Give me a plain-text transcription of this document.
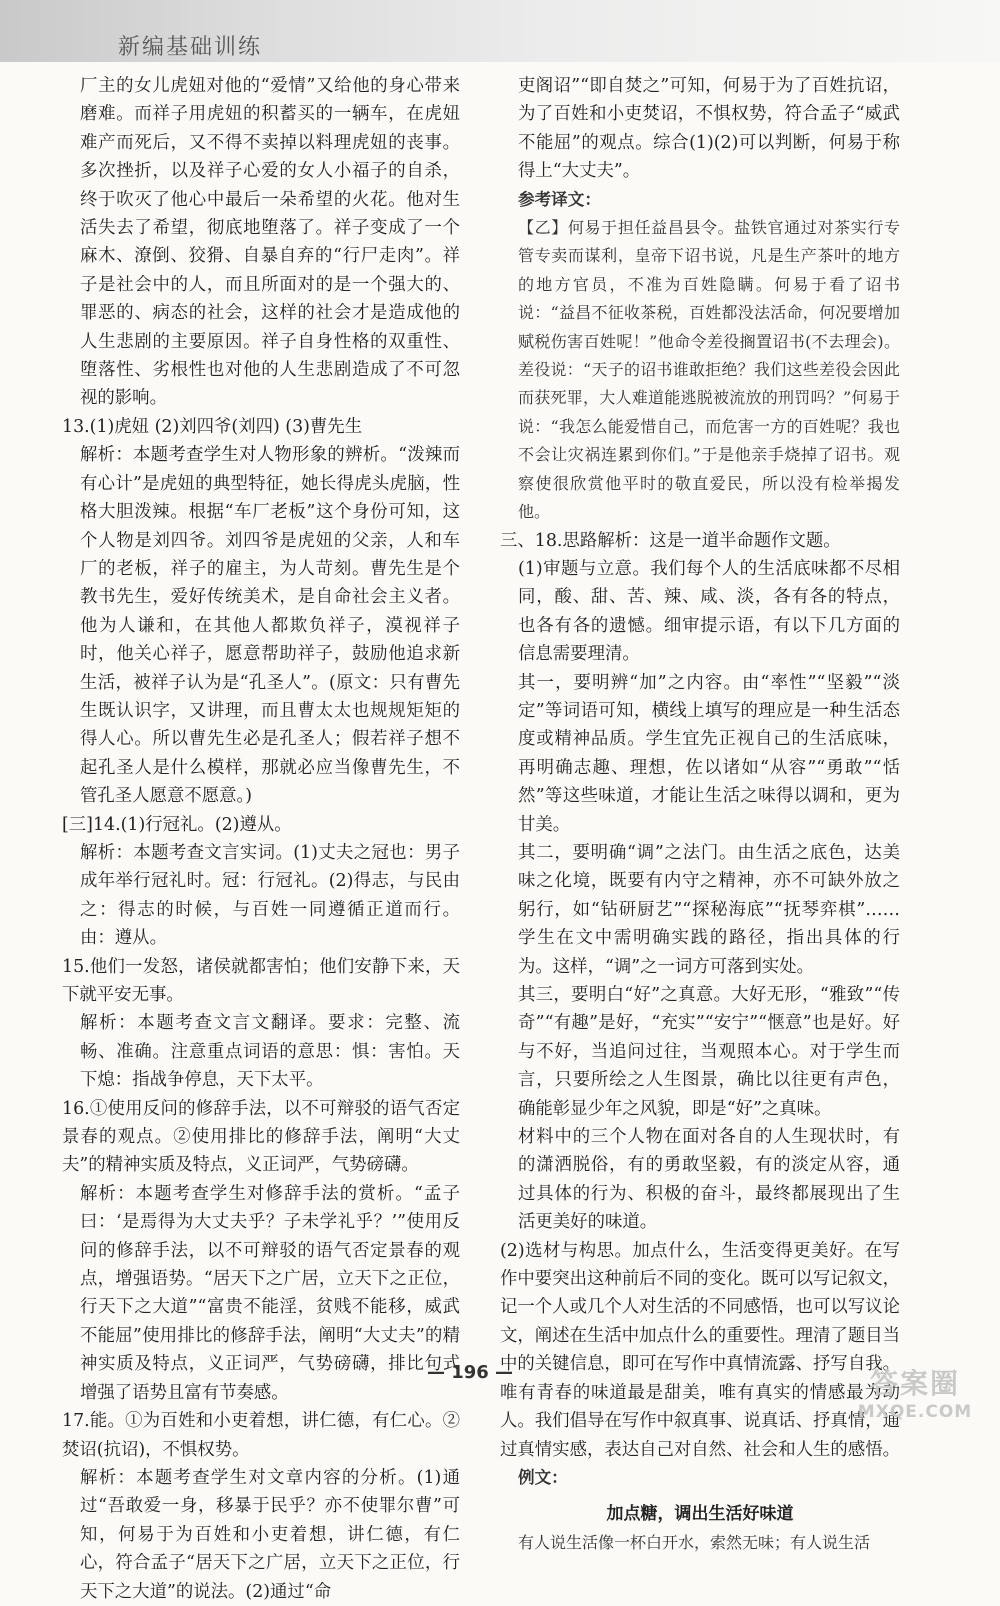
新编基础训练

厂主的女儿虎妞对他的“爱情”又给他的身心带来磨难。而祥子用虎妞的积蓄买的一辆车，在虎妞难产而死后，又不得不卖掉以料理虎妞的丧事。多次挫折，以及祥子心爱的女人小福子的自杀，终于吹灭了他心中最后一朵希望的火花。他对生活失去了希望，彻底地堕落了。祥子变成了一个麻木、潦倒、狡猾、自暴自弃的“行尸走肉”。祥子是社会中的人，而且所面对的是一个强大的、罪恶的、病态的社会，这样的社会才是造成他的人生悲剧的主要原因。祥子自身性格的双重性、堕落性、劣根性也对他的人生悲剧造成了不可忽视的影响。

13.(1)虎妞 (2)刘四爷(刘四) (3)曹先生

解析：本题考查学生对人物形象的辨析。“泼辣而有心计”是虎妞的典型特征，她长得虎头虎脑，性格大胆泼辣。根据“车厂老板”这个身份可知，这个人物是刘四爷。刘四爷是虎妞的父亲，人和车厂的老板，祥子的雇主，为人苛刻。曹先生是个教书先生，爱好传统美术，是自命社会主义者。他为人谦和，在其他人都欺负祥子，漠视祥子时，他关心祥子，愿意帮助祥子，鼓励他追求新生活，被祥子认为是“孔圣人”。(原文：只有曹先生既认识字，又讲理，而且曹太太也规规矩矩的得人心。所以曹先生必是孔圣人；假若祥子想不起孔圣人是什么模样，那就必应当像曹先生，不管孔圣人愿意不愿意。)

[三]14.(1)行冠礼。(2)遵从。

解析：本题考查文言实词。(1)丈夫之冠也：男子成年举行冠礼时。冠：行冠礼。(2)得志，与民由之：得志的时候，与百姓一同遵循正道而行。由：遵从。

15.他们一发怒，诸侯就都害怕；他们安静下来，天下就平安无事。

解析：本题考查文言文翻译。要求：完整、流畅、准确。注意重点词语的意思：惧：害怕。天下熄：指战争停息，天下太平。

16.①使用反问的修辞手法，以不可辩驳的语气否定景春的观点。②使用排比的修辞手法，阐明“大丈夫”的精神实质及特点，义正词严，气势磅礴。

解析：本题考查学生对修辞手法的赏析。“孟子曰：‘是焉得为大丈夫乎？子未学礼乎？’”使用反问的修辞手法，以不可辩驳的语气否定景春的观点，增强语势。“居天下之广居，立天下之正位，行天下之大道”“富贵不能淫，贫贱不能移，威武不能屈”使用排比的修辞手法，阐明“大丈夫”的精神实质及特点，义正词严，气势磅礴，排比句式增强了语势且富有节奏感。

17.能。①为百姓和小吏着想，讲仁德，有仁心。②焚诏(抗诏)，不惧权势。

解析：本题考查学生对文章内容的分析。(1)通过“吾敢爱一身，移暴于民乎？亦不使罪尔曹”可知，何易于为百姓和小吏着想，讲仁德，有仁心，符合孟子“居天下之广居，立天下之正位，行天下之大道”的说法。(2)通过“命

吏阁诏”“即自焚之”可知，何易于为了百姓抗诏，为了百姓和小吏焚诏，不惧权势，符合孟子“威武不能屈”的观点。综合(1)(2)可以判断，何易于称得上“大丈夫”。

参考译文：

【乙】何易于担任益昌县令。盐铁官通过对茶实行专管专卖而谋利，皇帝下诏书说，凡是生产茶叶的地方的地方官员，不准为百姓隐瞒。何易于看了诏书说：“益昌不征收茶税，百姓都没法活命，何况要增加赋税伤害百姓呢！”他命令差役搁置诏书(不去理会)。差役说：“天子的诏书谁敢拒绝？我们这些差役会因此而获死罪，大人难道能逃脱被流放的刑罚吗？”何易于说：“我怎么能爱惜自己，而危害一方的百姓呢？我也不会让灾祸连累到你们。”于是他亲手烧掉了诏书。观察使很欣赏他平时的敬直爱民，所以没有检举揭发他。

三、18.思路解析：这是一道半命题作文题。

(1)审题与立意。我们每个人的生活底味都不尽相同，酸、甜、苦、辣、咸、淡，各有各的特点，也各有各的遗憾。细审提示语，有以下几方面的信息需要理清。

其一，要明辨“加”之内容。由“率性”“坚毅”“淡定”等词语可知，横线上填写的理应是一种生活态度或精神品质。学生宜先正视自己的生活底味，再明确志趣、理想，佐以诸如“从容”“勇敢”“恬然”等这些味道，才能让生活之味得以调和，更为甘美。

其二，要明确“调”之法门。由生活之底色，达美味之化境，既要有内守之精神，亦不可缺外放之躬行，如“钻研厨艺”“探秘海底”“抚琴弈棋”……学生在文中需明确实践的路径，指出具体的行为。这样，“调”之一词方可落到实处。

其三，要明白“好”之真意。大好无形，“雅致”“传奇”“有趣”是好，“充实”“安宁”“惬意”也是好。好与不好，当追问过往，当观照本心。对于学生而言，只要所绘之人生图景，确比以往更有声色，确能彰显少年之风貌，即是“好”之真味。

材料中的三个人物在面对各自的人生现状时，有的潇洒脱俗，有的勇敢坚毅，有的淡定从容，通过具体的行为、积极的奋斗，最终都展现出了生活更美好的味道。

(2)选材与构思。加点什么，生活变得更美好。在写作中要突出这种前后不同的变化。既可以写记叙文，记一个人或几个人对生活的不同感悟，也可以写议论文，阐述在生活中加点什么的重要性。理清了题目当中的关键信息，即可在写作中真情流露、抒写自我。唯有青春的味道最是甜美，唯有真实的情感最为动人。我们倡导在写作中叙真事、说真话、抒真情，通过真情实感，表达自己对自然、社会和人生的感悟。

例文：

加点糖，调出生活好味道

有人说生活像一杯白开水，索然无味；有人说生活

— 196 —	答案圈
MXQE.COM
